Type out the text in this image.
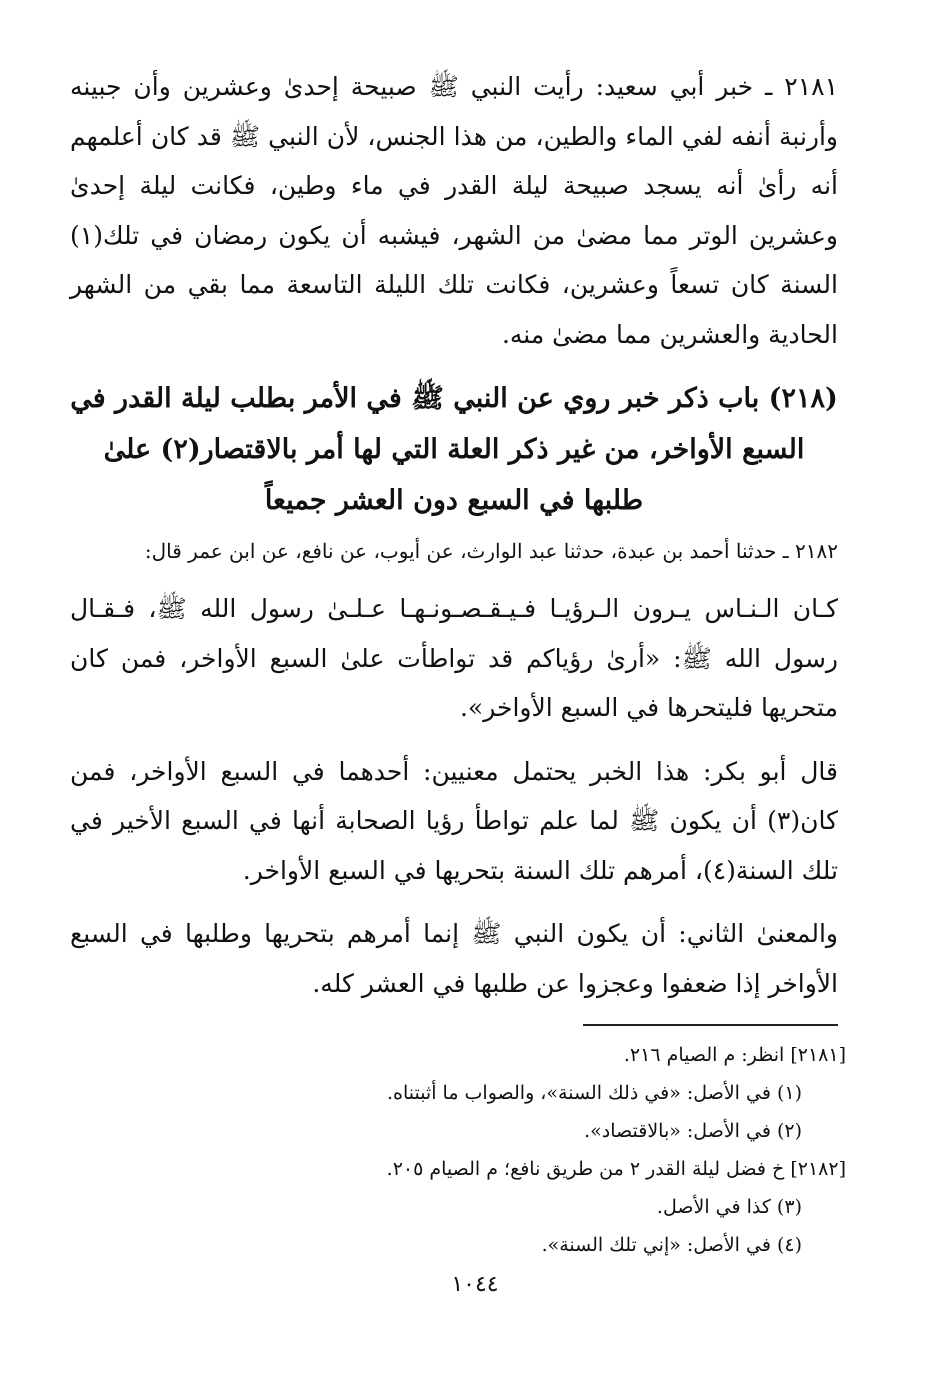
٢١٨١ ـ خبر أبي سعيد: رأيت النبي ﷺ صبيحة إحدىٰ وعشرين وأن جبينه وأرنبة أنفه لفي الماء والطين، من هذا الجنس، لأن النبي ﷺ قد كان أعلمهم أنه رأىٰ أنه يسجد صبيحة ليلة القدر في ماء وطين، فكانت ليلة إحدىٰ وعشرين الوتر مما مضىٰ من الشهر، فيشبه أن يكون رمضان في تلك(١) السنة كان تسعاً وعشرين، فكانت تلك الليلة التاسعة مما بقي من الشهر الحادية والعشرين مما مضىٰ منه.

(٢١٨) باب ذكر خبر روي عن النبي ﷺ في الأمر بطلب ليلة القدر في السبع الأواخر، من غير ذكر العلة التي لها أمر بالاقتصار(٢) علىٰ طلبها في السبع دون العشر جميعاً

٢١٨٢ ـ حدثنا أحمد بن عبدة، حدثنا عبد الوارث، عن أيوب، عن نافع، عن ابن عمر قال:

كـان الـنـاس يـرون الـرؤيـا فـيـقـصـونـهـا عـلـىٰ رسول الله ﷺ، فـقـال رسول الله ﷺ: «أرىٰ رؤياكم قد تواطأت علىٰ السبع الأواخر، فمن كان متحريها فليتحرها في السبع الأواخر».

قال أبو بكر: هذا الخبر يحتمل معنيين: أحدهما في السبع الأواخر، فمن كان(٣) أن يكون ﷺ لما علم تواطأ رؤيا الصحابة أنها في السبع الأخير في تلك السنة(٤)، أمرهم تلك السنة بتحريها في السبع الأواخر.

والمعنىٰ الثاني: أن يكون النبي ﷺ إنما أمرهم بتحريها وطلبها في السبع الأواخر إذا ضعفوا وعجزوا عن طلبها في العشر كله.

[٢١٨١] انظر: م الصيام ٢١٦.

(١) في الأصل: «في ذلك السنة»، والصواب ما أثبتناه.

(٢) في الأصل: «بالاقتصاد».

[٢١٨٢] خ فضل ليلة القدر ٢ من طريق نافع؛ م الصيام ٢٠٥.

(٣) كذا في الأصل.

(٤) في الأصل: «إني تلك السنة».

١٠٤٤
